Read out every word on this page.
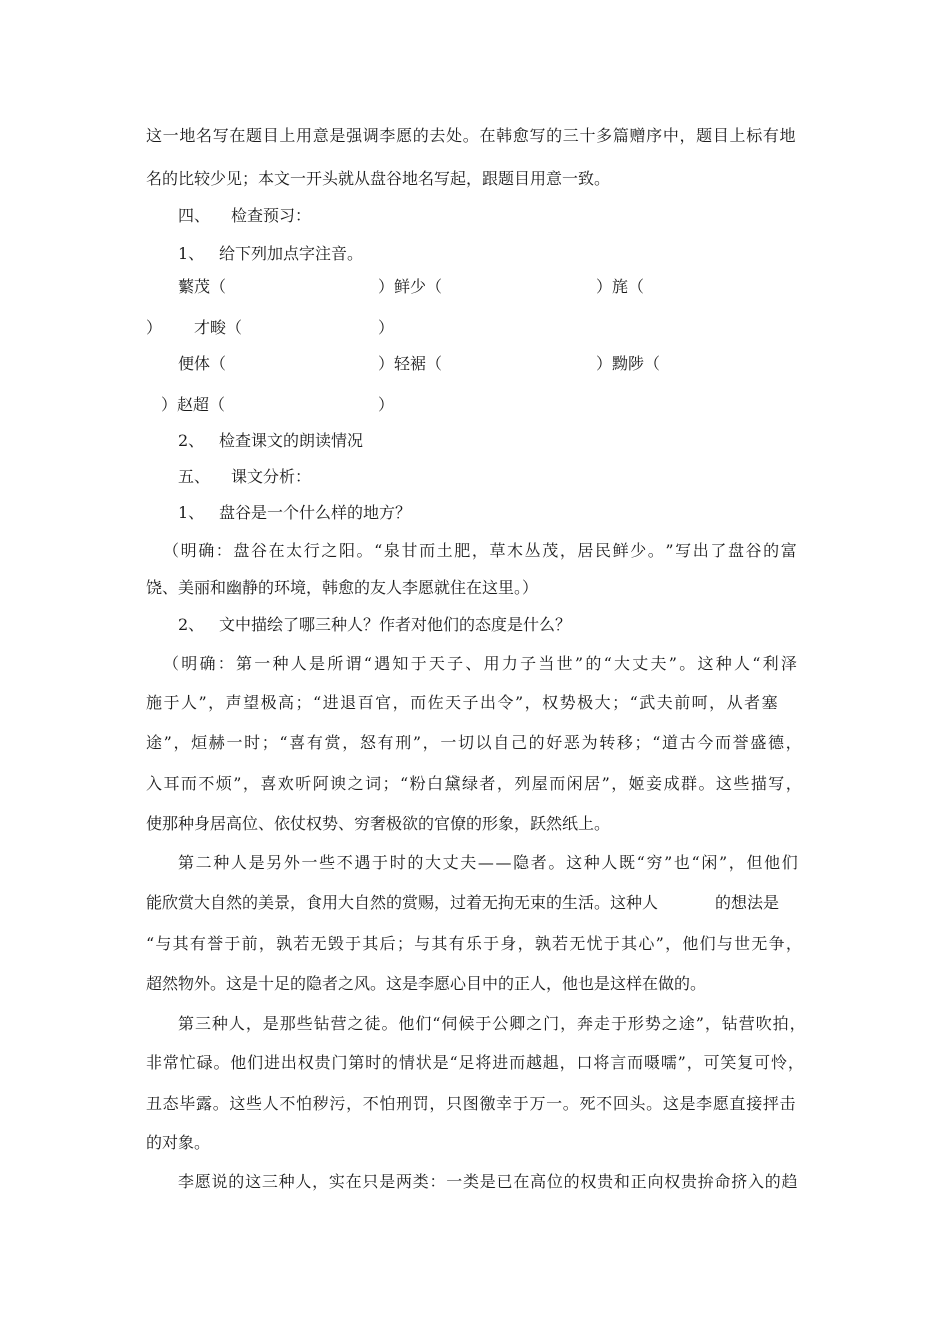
这 一 地 名 写 在 题 目 上 用 意 是 强 调 李 愿 的 去 处 。 在 韩 愈 写 的 三 十 多 篇 赠 序 中 ， 题 目 上 标 有 地
名的比较少见；本文一开头就从盘谷地名写起，跟题目用意一致。
四、 检查预习：
1、 给下列加点字注音。
蘩茂（	）鲜少（	）旄（
） 才畯（	）
便体（	）轻裾（	）黝陟（
）赵超（	）
2、 检查课文的朗读情况
五、 课文分析：
1、 盘谷是一个什么样的地方？
（ 明 确 ： 盘 谷 在 太 行 之 阳 。 “ 泉 甘 而 土 肥 ， 草 木 丛 茂 ， 居 民 鲜 少 。 ” 写 出 了 盘 谷 的 富
饶、美丽和幽静的环境，韩愈的友人李愿就住在这里。）
2、 文中描绘了哪三种人？作者对他们的态度是什么？
（ 明 确 ： 第 一 种 人 是 所 谓 “ 遇 知 于 天 子 、 用 力 子 当 世 ” 的 “ 大 丈 夫 ” 。 这 种 人 “ 利 泽
施 于 人 ” ， 声 望 极 高 ； “ 进 退 百 官 ， 而 佐 天 子 出 令 ” ， 权 势 极 大 ； “ 武 夫 前 呵 ， 从 者 塞
途 ” ， 烜 赫 一 时 ； “ 喜 有 赏 ， 怒 有 刑 ” ， 一 切 以 自 己 的 好 恶 为 转 移 ； “ 道 古 今 而 誉 盛 德 ，
入 耳 而 不 烦 ” ， 喜 欢 听 阿 谀 之 词 ； “ 粉 白 黛 绿 者 ， 列 屋 而 闲 居 ” ， 姬 妾 成 群 。 这 些 描 写 ，
使那种身居高位、依仗权势、穷奢极欲的官僚的形象，跃然纸上。
第 二 种 人 是 另 外 一 些 不 遇 于 时 的 大 丈 夫 — — 隐 者 。 这 种 人 既 “ 穷 ” 也 “ 闲 ” ， 但 他 们
能欣赏大自然的美景，食用大自然的赏赐，过着无拘无束的生活。这种人	的想法是
“ 与 其 有 誉 于 前 ， 孰 若 无 毁 于 其 后 ； 与 其 有 乐 于 身 ， 孰 若 无 忧 于 其 心 ” ， 他 们 与 世 无 争 ，
超然物外。这是十足的隐者之风。这是李愿心目中的正人，他也是这样在做的。
第 三 种 人 ， 是 那 些 钻 营 之 徒 。 他 们 “ 伺 候 于 公 卿 之 门 ， 奔 走 于 形 势 之 途 ” ， 钻 营 吹 拍 ，
非 常 忙 碌 。 他 们 进 出 权 贵 门 第 时 的 情 状 是 “ 足 将 进 而 越 趄 ， 口 将 言 而 嗫 嚅 ” ， 可 笑 复 可 怜 ，
丑 态 毕 露 。 这 些 人 不 怕 秽 污 ， 不 怕 刑 罚 ， 只 图 徼 幸 于 万 一 。 死 不 回 头 。 这 是 李 愿 直 接 抨 击
的对象。
李 愿 说 的 这 三 种 人 ， 实 在 只 是 两 类 ： 一 类 是 已 在 高 位 的 权 贵 和 正 向 权 贵 拚 命 挤 入 的 趋
